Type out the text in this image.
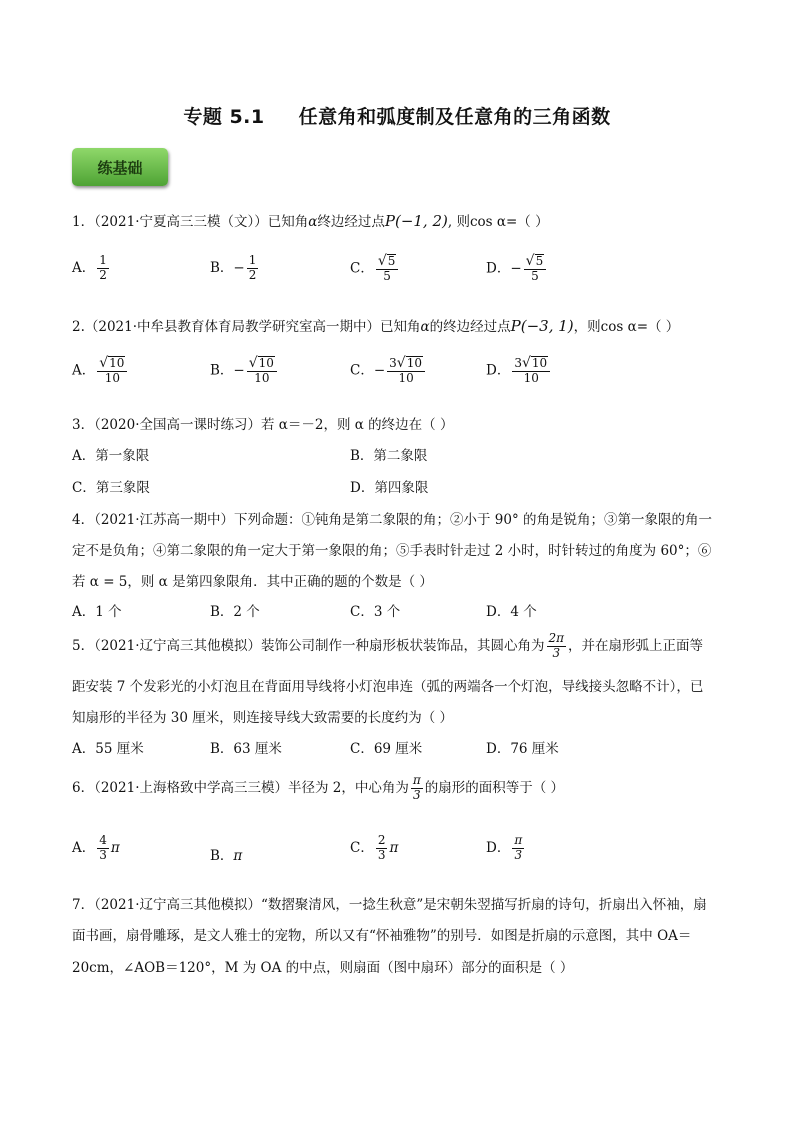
专题 5.1 任意角和弧度制及任意角的三角函数
练基础
1．（2021·宁夏高三三模（文））已知角α终边经过点P(−1, 2), 则cos α=（ ）
A． $\frac{1}{2}$	B．− $\frac{1}{2}$	C． $\frac{√ 5}{5}$	D．− $\frac{√ 5}{5}$
2.（2021·中牟县教育体育局教学研究室高一期中）已知角α的终边经过点P(−3, 1)，则cos α=（ ）
A． $\frac{√ 10}{10}$	B．− $\frac{√ 10}{10}$	C．− $\frac{3 √ 10}{10}$	D． $\frac{3 √ 10}{10}$
3．（2020·全国高一课时练习）若 α＝－2，则 α 的终边在（ ）
A．第一象限	B．第二象限
C．第三象限	D．第四象限
4．（2021·江苏高一期中）下列命题：①钝角是第二象限的角；②小于 90° 的角是锐角；③第一象限的角一
定不是负角；④第二象限的角一定大于第一象限的角；⑤手表时针走过 2 小时，时针转过的角度为 60°；⑥
若 α = 5，则 α 是第四象限角．其中正确的题的个数是（ ）
A．1 个	B．2 个	C．3 个	D．4 个
5．（2021·辽宁高三其他模拟）装饰公司制作一种扇形板状装饰品，其圆心角为 $\frac{2\pi}{3}$ ，并在扇形弧上正面等
距安装 7 个发彩光的小灯泡且在背面用导线将小灯泡串连（弧的两端各一个灯泡，导线接头忽略不计），已
知扇形的半径为 30 厘米，则连接导线大致需要的长度约为（ ）
A．55 厘米	B．63 厘米	C．69 厘米	D．76 厘米
6．（2021·上海格致中学高三三模）半径为 2，中心角为 $\frac{\pi}{3}$ 的扇形的面积等于（ ）
A． $\frac{4}{3}$ π
B．π
C． $\frac{2}{3}$ π	D． $\frac{\pi}{3}$
7．（2021·辽宁高三其他模拟）“数摺聚清风，一捻生秋意”是宋朝朱翌描写折扇的诗句，折扇出入怀袖，扇
面书画，扇骨雕琢，是文人雅士的宠物，所以又有“怀袖雅物”的别号．如图是折扇的示意图，其中 OA＝
20cm，∠AOB＝120°，M 为 OA 的中点，则扇面（图中扇环）部分的面积是（ ）
